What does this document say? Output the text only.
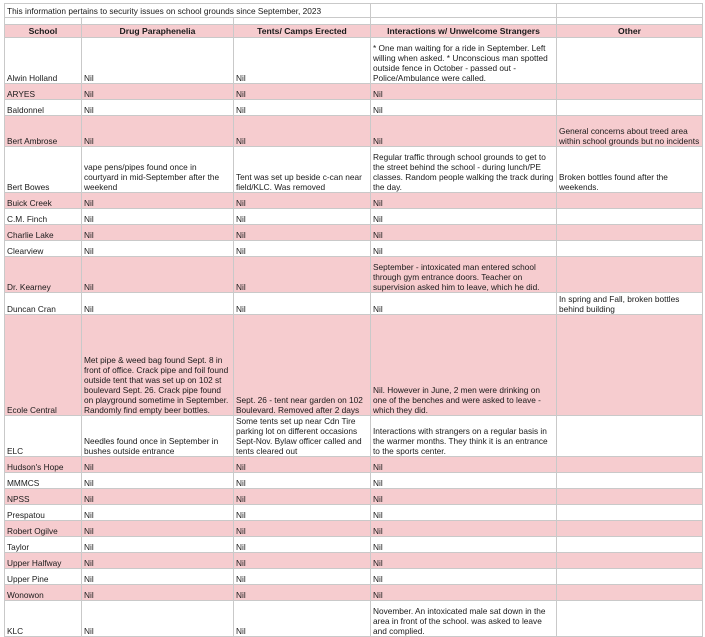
This information pertains to security issues on school grounds since September, 2023				

School	Drug Paraphenelia	Tents/ Camps Erected	Interactions w/ Unwelcome Strangers	Other
Alwin Holland	Nil	Nil	* One man waiting for a ride in September. Left willing when asked. * Unconscious man spotted outside fence in October - passed out - Police/Ambulance were called.	
ARYES	Nil	Nil	Nil	
Baldonnel	Nil	Nil	Nil	
Bert Ambrose	Nil	Nil	Nil	General concerns about treed area within school grounds but no incidents
Bert Bowes	vape pens/pipes found once in courtyard in mid-September after the weekend	Tent was set up beside c-can near field/KLC. Was removed	Regular traffic through school grounds to get to the street behind the school - during lunch/PE classes. Random people walking the track during the day.	Broken bottles found after the weekends.
Buick Creek	Nil	Nil	Nil	
C.M. Finch	Nil	Nil	Nil	
Charlie Lake	Nil	Nil	Nil	
Clearview	Nil	Nil	Nil	
Dr. Kearney	Nil	Nil	September - intoxicated man entered school through gym entrance doors. Teacher on supervision asked him to leave, which he did.	
Duncan Cran	Nil	Nil	Nil	In spring and Fall, broken bottles behind building
Ecole Central	Met pipe & weed bag found Sept. 8 in front of office. Crack pipe and foil found outside tent that was set up on 102 st boulevard Sept. 26. Crack pipe found on playground sometime in September. Randomly find empty beer bottles.	Sept. 26 - tent near garden on 102 Boulevard. Removed after 2 days	Nil. However in June, 2 men were drinking on one of the benches and were asked to leave - which they did.	
ELC	Needles found once in September in bushes outside entrance	Some tents set up near Cdn Tire parking lot on different occasions Sept-Nov. Bylaw officer called and tents cleared out	Interactions with strangers on a regular basis in the warmer months. They think it is an entrance to the sports center.	
Hudson's Hope	Nil	Nil	Nil	
MMMCS	Nil	Nil	Nil	
NPSS	Nil	Nil	Nil	
Prespatou	Nil	Nil	Nil	
Robert Ogilve	Nil	Nil	Nil	
Taylor	Nil	Nil	Nil	
Upper Halfway	Nil	Nil	Nil	
Upper Pine	Nil	Nil	Nil	
Wonowon	Nil	Nil	Nil	
KLC	Nil	Nil	November. An intoxicated male sat down in the area in front of the school. was asked to leave and complied.	
